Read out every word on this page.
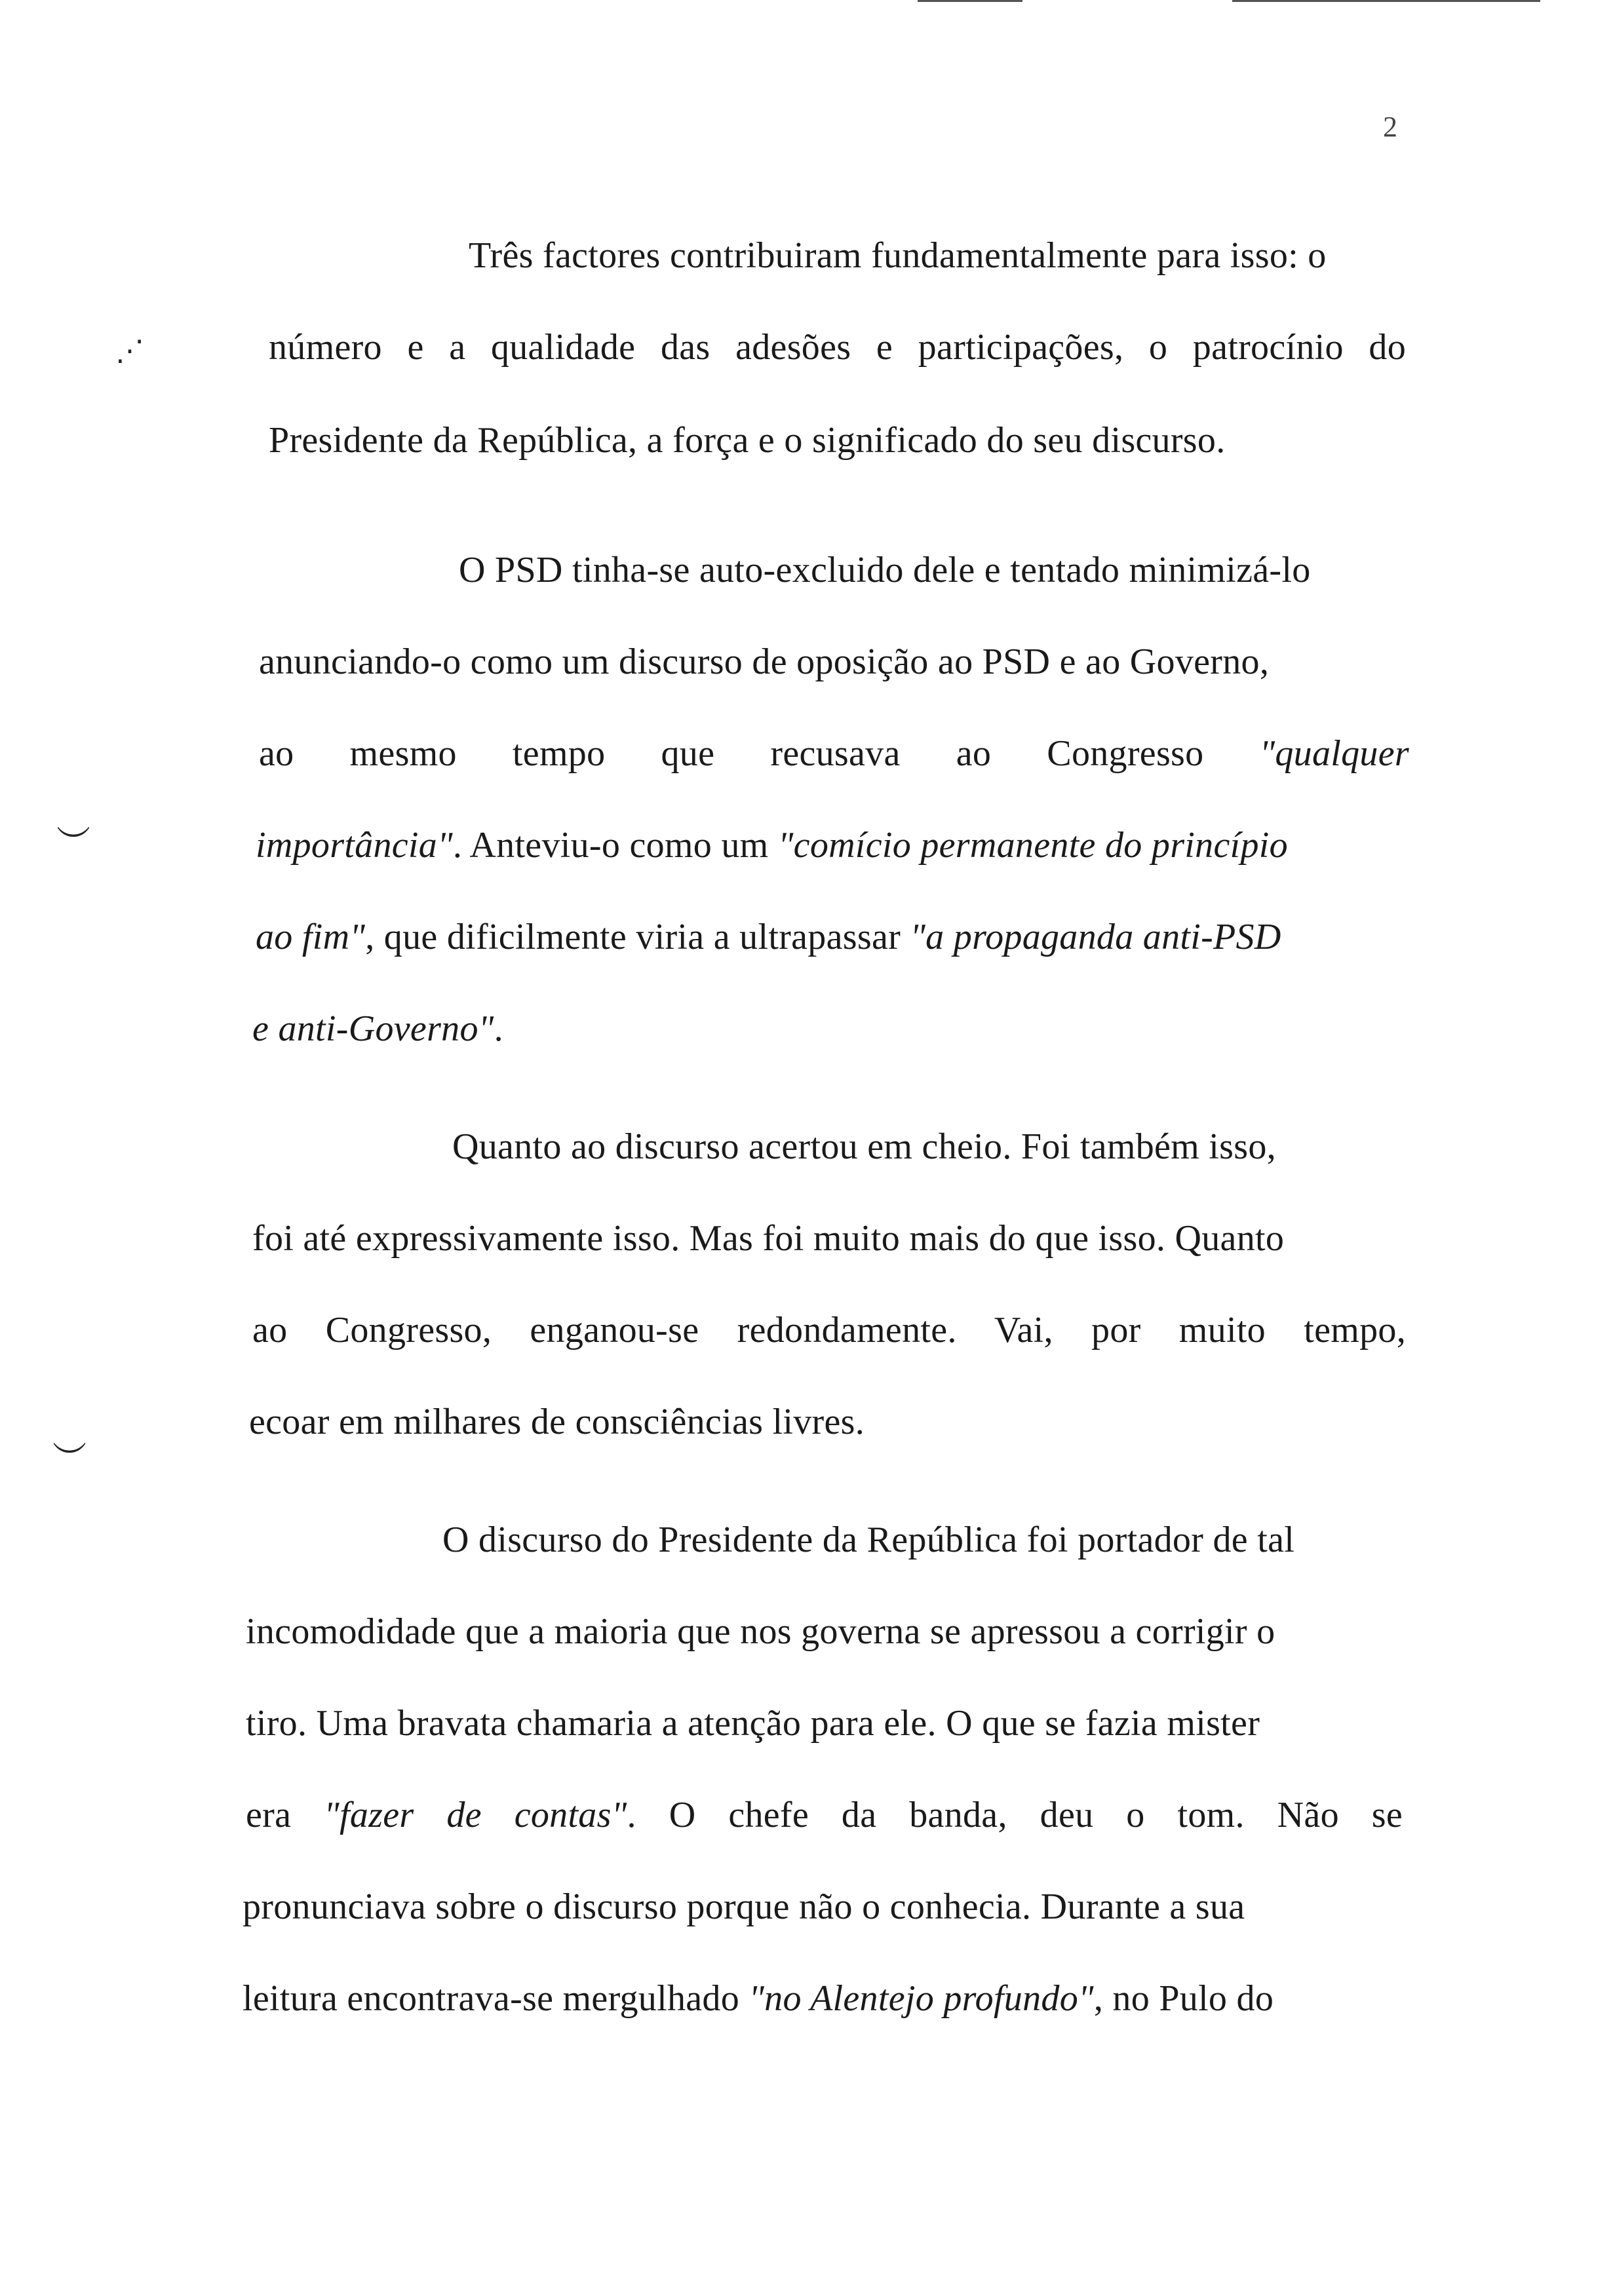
2
⋰
︶
︶
Três factores contribuiram fundamentalmente para isso: o
número e a qualidade das adesões e participações, o patrocínio do
Presidente da República, a força e o significado do seu discurso.
O PSD tinha-se auto-excluido dele e tentado minimizá-lo
anunciando-o como um discurso de oposição ao PSD e ao Governo,
ao mesmo tempo que recusava ao Congresso "qualquer
importância". Anteviu-o como um "comício permanente do princípio
ao fim", que dificilmente viria a ultrapassar "a propaganda anti-PSD
e anti-Governo".
Quanto ao discurso acertou em cheio. Foi também isso,
foi até expressivamente isso. Mas foi muito mais do que isso. Quanto
ao Congresso, enganou-se redondamente. Vai, por muito tempo,
ecoar em milhares de consciências livres.
O discurso do Presidente da República foi portador de tal
incomodidade que a maioria que nos governa se apressou a corrigir o
tiro. Uma bravata chamaria a atenção para ele. O que se fazia mister
era "fazer de contas". O chefe da banda, deu o tom. Não se
pronunciava sobre o discurso porque não o conhecia. Durante a sua
leitura encontrava-se mergulhado "no Alentejo profundo", no Pulo do
